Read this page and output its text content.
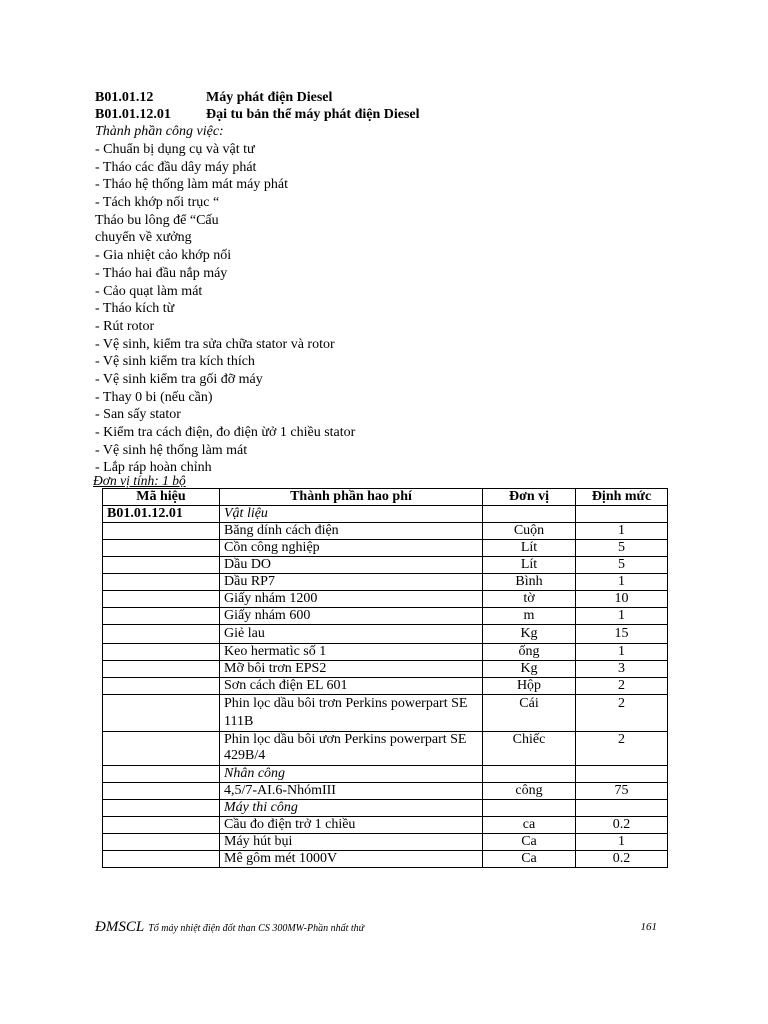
B01.01.12	Máy phát điện Diesel
B01.01.12.01	Đại tu bản thể máy phát điện Diesel
Thành phần công việc:
- Chuẩn bị dụng cụ và vật tư
- Tháo các đầu dây máy phát
- Tháo hệ thống làm mát máy phát
- Tách khớp nối trục “
Tháo bu lông để “Cấu
chuyển về xưởng
- Gia nhiệt cảo khớp nối
- Tháo hai đầu nắp máy
- Cảo quạt làm mát
- Tháo kích từ
- Rút rotor
- Vệ sinh, kiểm tra sửa chữa stator và rotor
- Vệ sinh kiểm tra kích thích
- Vệ sinh kiểm tra gối đỡ máy
- Thay 0 bi (nếu cần)
- San sấy stator
- Kiểm tra cách điện, đo điện ừở 1 chiều stator
- Vệ sinh hệ thống làm mát
- Lắp ráp hoàn chỉnh
Đơn vị tính: 1 bộ
Mã hiệu	Thành phần hao phí	Đơn vị	Định mức
B01.01.12.01	Vật liệu		
	Băng dính cách điện	Cuộn	1
	Cồn công nghiệp	Lít	5
	Dầu DO	Lít	5
	Dầu RP7	Bình	1
	Giấy nhám 1200	tờ	10
	Giấy nhám 600	m	1
	Giẻ lau	Kg	15
	Keo hermatìc số 1	ống	1
	Mỡ bôi trơn EPS2	Kg	3
	Sơn cách điện EL 601	Hộp	2
	Phin lọc dầu bôi trơn Perkins powerpart SE 111B	Cái	2
	Phin lọc dầu bôi ươn Perkins powerpart SE 429B/4	Chiếc	2
	Nhân công		
	4,5/7-AI.6-NhómIII	công	75
	Máy thi công		
	Cầu đo điện trở 1 chiều	ca	0.2
	Máy hút bụi	Ca	1
	Mê gôm mét 1000V	Ca	0.2
ĐMSCL Tổ máy nhiệt điện đốt than CS 300MW-Phần nhất thứ	161
